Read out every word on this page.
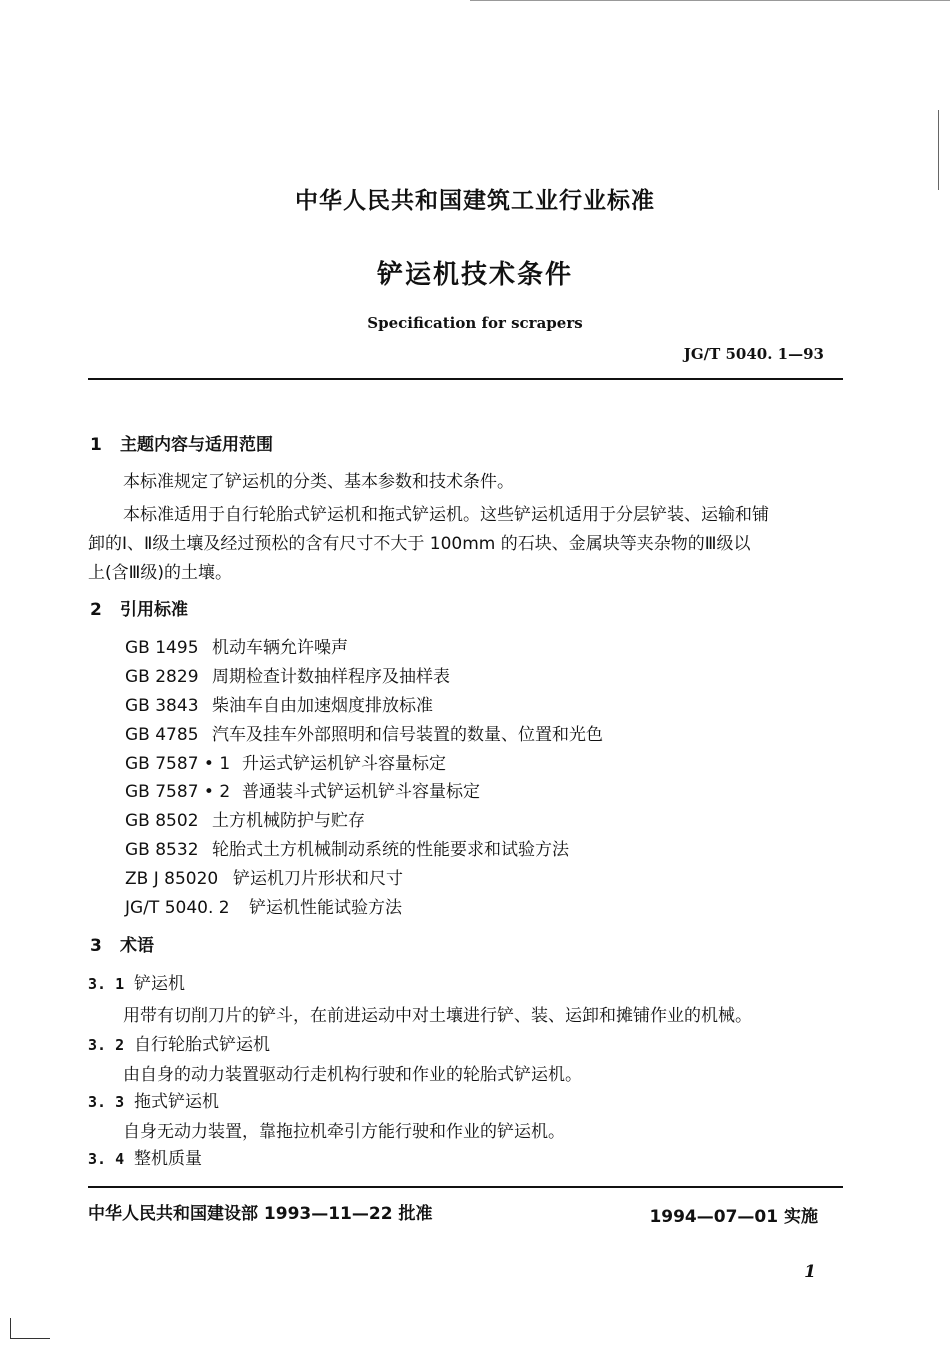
中华人民共和国建筑工业行业标准
铲运机技术条件
Specification for scrapers
JG/T 5040. 1—93
1 主题内容与适用范围
本标准规定了铲运机的分类、基本参数和技术条件。
本标准适用于自行轮胎式铲运机和拖式铲运机。这些铲运机适用于分层铲装、运输和铺
卸的Ⅰ、Ⅱ级土壤及经过预松的含有尺寸不大于 100mm 的石块、金属块等夹杂物的Ⅲ级以
上(含Ⅲ级)的土壤。
2 引用标准
GB 1495 机动车辆允许噪声
GB 2829 周期检查计数抽样程序及抽样表
GB 3843 柴油车自由加速烟度排放标准
GB 4785 汽车及挂车外部照明和信号装置的数量、位置和光色
GB 7587 • 1 升运式铲运机铲斗容量标定
GB 7587 • 2 普通装斗式铲运机铲斗容量标定
GB 8502 土方机械防护与贮存
GB 8532 轮胎式土方机械制动系统的性能要求和试验方法
ZB J 85020 铲运机刀片形状和尺寸
JG/T 5040. 2 铲运机性能试验方法
3 术语
3. 1 铲运机
用带有切削刀片的铲斗，在前进运动中对土壤进行铲、装、运卸和摊铺作业的机械。
3. 2 自行轮胎式铲运机
由自身的动力装置驱动行走机构行驶和作业的轮胎式铲运机。
3. 3 拖式铲运机
自身无动力装置，靠拖拉机牵引方能行驶和作业的铲运机。
3. 4 整机质量
中华人民共和国建设部 1993—11—22 批准	1994—07—01 实施
1
